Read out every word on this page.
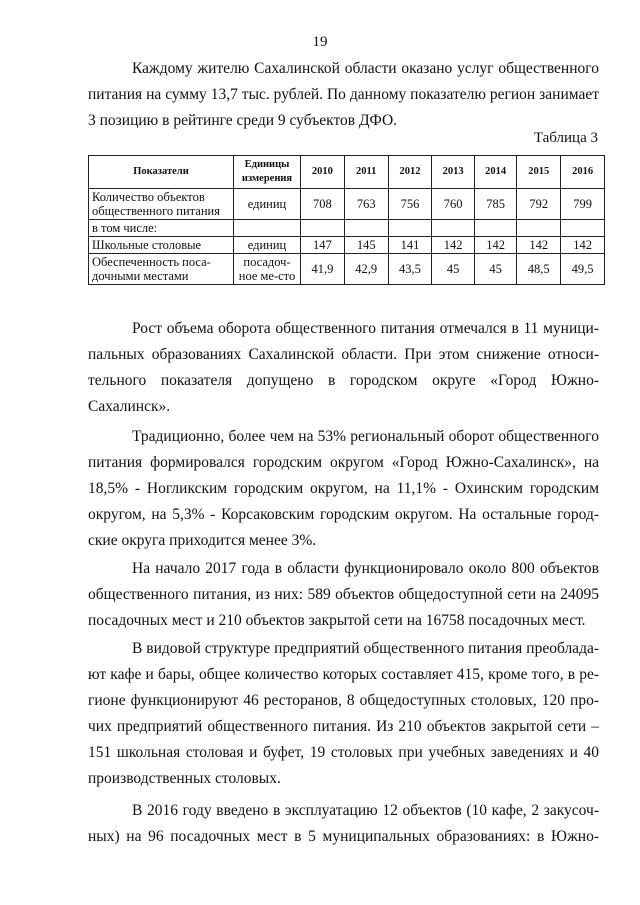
19
Каждому жителю Сахалинской области оказано услуг общественного
питания на сумму 13,7 тыс. рублей. По данному показателю регион занимает
3 позицию в рейтинге среди 9 субъектов ДФО.
Таблица 3
Показатели	Единицы измерения	2010	2011	2012	2013	2014	2015	2016
Количество объектов общественного питания	единиц	708	763	756	760	785	792	799
в том числе:								
Школьные столовые	единиц	147	145	141	142	142	142	142
Обеспеченность поса-дочными местами	посадоч-ное ме-сто	41,9	42,9	43,5	45	45	48,5	49,5
Рост объема оборота общественного питания отмечался в 11 муници-
пальных образованиях Сахалинской области. При этом снижение относи-
тельного показателя допущено в городском округе «Город Южно-
Сахалинск».
Традиционно, более чем на 53% региональный оборот общественного
питания формировался городским округом «Город Южно-Сахалинск», на
18,5% - Ногликским городским округом, на 11,1% - Охинским городским
округом, на 5,3% - Корсаковским городским округом. На остальные город-
ские округа приходится менее 3%.
На начало 2017 года в области функционировало около 800 объектов
общественного питания, из них: 589 объектов общедоступной сети на 24095
посадочных мест и 210 объектов закрытой сети на 16758 посадочных мест.
В видовой структуре предприятий общественного питания преоблада-
ют кафе и бары, общее количество которых составляет 415, кроме того, в ре-
гионе функционируют 46 ресторанов, 8 общедоступных столовых, 120 про-
чих предприятий общественного питания. Из 210 объектов закрытой сети –
151 школьная столовая и буфет, 19 столовых при учебных заведениях и 40
производственных столовых.
В 2016 году введено в эксплуатацию 12 объектов (10 кафе, 2 закусоч-
ных) на 96 посадочных мест в 5 муниципальных образованиях: в Южно-
